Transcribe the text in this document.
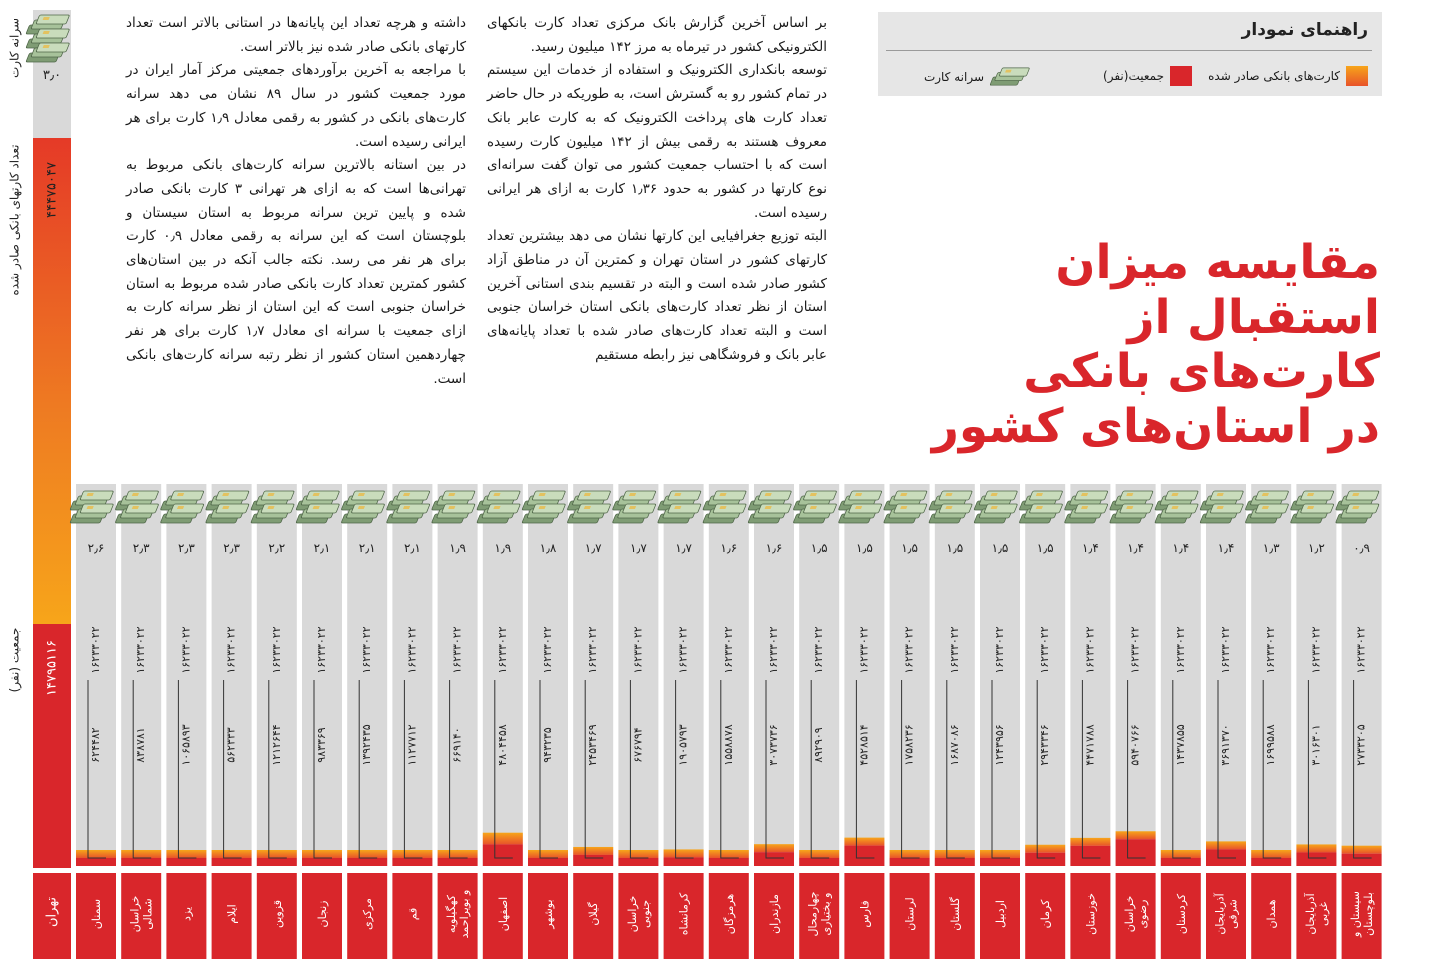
۳٫۰
سرانه کارت
تعداد کارتهای بانکی صادر شده
جمعیت (نفر)
۴۴۴۷۵۰۴۷
۱۴۷۹۵۱۱۶
تهران
۲٫۶
۱۶۲۳۳۰۲۲
۶۲۴۴۸۲
سمنان
۲٫۳
۱۶۲۳۳۰۲۲
۸۳۸۷۸۱
خراسانشمالی
۲٫۳
۱۶۲۳۳۰۲۲
۱۰۶۵۸۹۳
یزد
۲٫۳
۱۶۲۳۳۰۲۲
۵۶۲۳۳۳
ایلام
۲٫۲
۱۶۲۳۳۰۲۲
۱۲۱۲۶۴۴
قزوین
۲٫۱
۱۶۲۳۳۰۲۲
۹۸۳۳۶۹
زنجان
۲٫۱
۱۶۲۳۳۰۲۲
۱۳۹۲۴۳۵
مرکزی
۲٫۱
۱۶۲۳۳۰۲۲
۱۱۲۷۷۱۲
قم
۱٫۹
۱۶۲۳۳۰۲۲
۶۶۹۱۴۰
کهگیلویهو بویراحمد
۱٫۹
۱۶۲۳۳۰۲۲
۴۸۰۴۴۵۸
اصفهان
۱٫۸
۱۶۲۳۳۰۲۲
۹۴۳۲۳۵
بوشهر
۱٫۷
۱۶۲۳۳۰۲۲
۲۴۵۳۴۶۹
گیلان
۱٫۷
۱۶۲۳۳۰۲۲
۶۷۶۷۹۴
خراسانجنوبی
۱٫۷
۱۶۲۳۳۰۲۲
۱۹۰۵۷۹۳
کرمانشاه
۱٫۶
۱۶۲۳۳۰۲۲
۱۵۵۸۸۷۸
هرمزگان
۱٫۶
۱۶۲۳۳۰۲۲
۳۰۷۳۷۳۶
مازندران
۱٫۵
۱۶۲۳۳۰۲۲
۸۹۲۹۰۹
چهارمحالو بختیاری
۱٫۵
۱۶۲۳۳۰۲۲
۴۵۲۸۵۱۴
فارس
۱٫۵
۱۶۲۳۳۰۲۲
۱۷۵۸۲۳۶
لرستان
۱٫۵
۱۶۲۳۳۰۲۲
۱۶۸۷۰۸۶
گلستان
۱٫۵
۱۶۲۳۳۰۲۲
۱۲۴۳۹۵۶
اردبیل
۱٫۵
۱۶۲۳۳۰۲۲
۲۹۴۳۳۴۶
کرمان
۱٫۴
۱۶۲۳۳۰۲۲
۴۴۷۱۷۸۸
خوزستان
۱٫۴
۱۶۲۳۳۰۲۲
۵۹۴۰۷۶۶
خراسانرضوی
۱٫۴
۱۶۲۳۳۰۲۲
۱۴۳۷۸۵۵
کردستان
۱٫۴
۱۶۲۳۳۰۲۲
۳۶۹۱۳۷۰
آذربایجانشرقی
۱٫۳
۱۶۲۳۳۰۲۲
۱۶۹۹۵۸۸
همدان
۱٫۲
۱۶۲۳۳۰۲۲
۳۰۱۶۳۰۱
آذربایجانغربی
۰٫۹
۱۶۲۳۳۰۲۲
۲۷۳۳۲۰۵
سیستان وبلوچستان
راهنمای نمودار
کارت‌های بانکی صادر شده
جمعیت(نفر)
سرانه کارت
مقایسه میزان استقبال از
کارت‌های بانکی
در استان‌های کشور

بر اساس آخرین گزارش بانک مرکزی تعداد کارت بانکهای الکترونیکی کشور در تیرماه به مرز ۱۴۲ میلیون رسید.

توسعه بانکداری الکترونیک و استفاده از خدمات این سیستم در تمام کشور رو به گسترش است، به طوریکه در حال حاضر تعداد کارت های پرداخت الکترونیک که به کارت عابر بانک معروف هستند به رقمی بیش از ۱۴۲ میلیون کارت رسیده است که با احتساب جمعیت کشور می توان گفت سرانه‌ای نوع کارتها در کشور به حدود ۱٫۳۶ کارت به ازای هر ایرانی رسیده است.

البته توزیع جغرافیایی این کارتها نشان می دهد بیشترین تعداد کارتهای کشور در استان تهران و کمترین آن در مناطق آزاد کشور صادر شده است و البته در تقسیم بندی استانی آخرین استان از نظر تعداد کارت‌های بانکی استان خراسان جنوبی است و البته تعداد کارت‌های صادر شده با تعداد پایانه‌های عابر بانک و فروشگاهی نیز رابطه مستقیم

داشته و هرچه تعداد این پایانه‌ها در استانی بالاتر است تعداد کارتهای بانکی صادر شده نیز بالاتر است.

با مراجعه به آخرین برآوردهای جمعیتی مرکز آمار ایران در مورد جمعیت کشور در سال ۸۹ نشان می دهد سرانه کارت‌های بانکی در کشور به رقمی معادل ۱٫۹ کارت برای هر ایرانی رسیده است.

در بین استانه بالاترین سرانه کارت‌های بانکی مربوط به تهرانی‌ها است که به ازای هر تهرانی ۳ کارت بانکی صادر شده و پایین ترین سرانه مربوط به استان سیستان و بلوچستان است که این سرانه به رقمی معادل ۰٫۹ کارت برای هر نفر می رسد. نکته جالب آنکه در بین استان‌های کشور کمترین تعداد کارت بانکی صادر شده مربوط به استان خراسان جنوبی است که این استان از نظر سرانه کارت به ازای جمعیت با سرانه ای معادل ۱٫۷ کارت برای هر نفر چهاردهمین استان کشور از نظر رتبه سرانه کارت‌های بانکی است.
